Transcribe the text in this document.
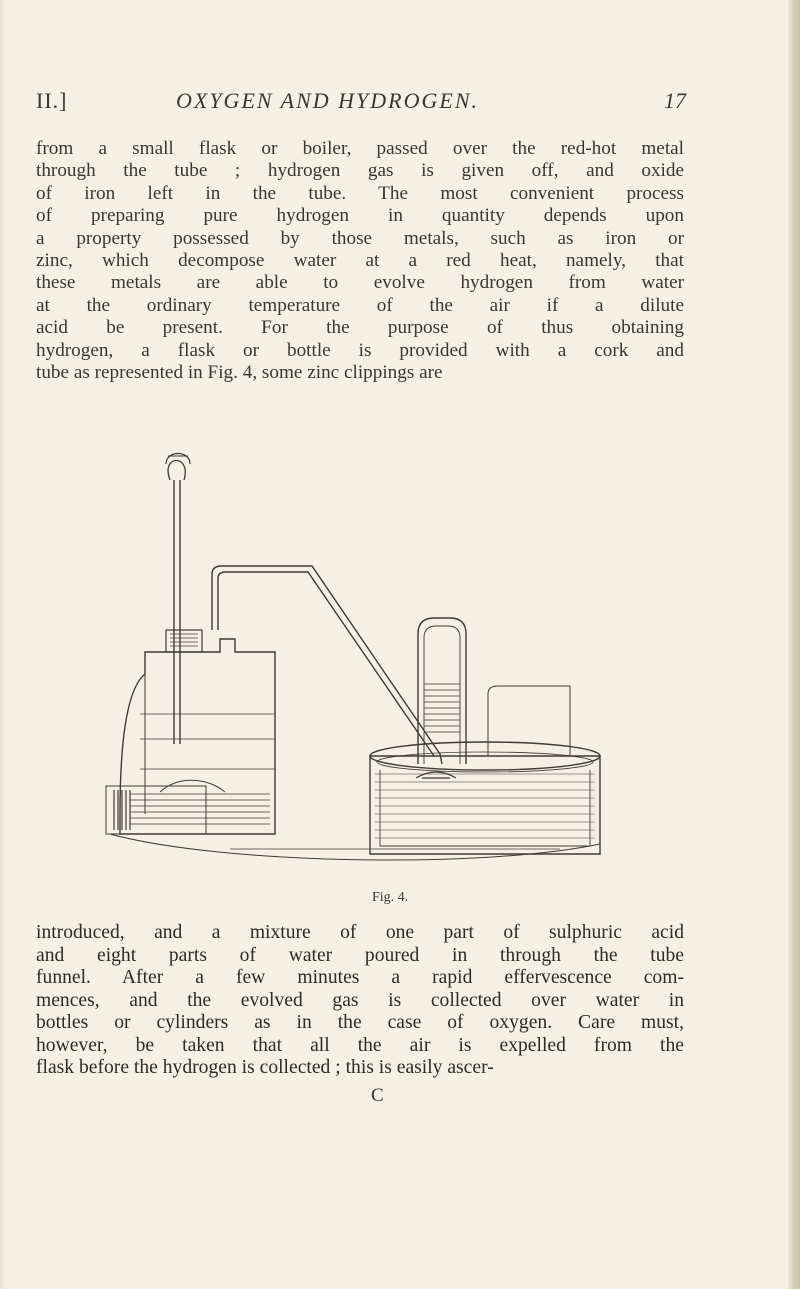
II.]	OXYGEN AND HYDROGEN.	17
from a small flask or boiler, passed over the red-hot metal
through the tube ; hydrogen gas is given off, and oxide
of iron left in the tube. The most convenient process
of preparing pure hydrogen in quantity depends upon
a property possessed by those metals, such as iron or
zinc, which decompose water at a red heat, namely, that
these metals are able to evolve hydrogen from water
at the ordinary temperature of the air if a dilute
acid be present. For the purpose of thus obtaining
hydrogen, a flask or bottle is provided with a cork and
tube as represented in Fig. 4, some zinc clippings are
Fig. 4.
introduced, and a mixture of one part of sulphuric acid
and eight parts of water poured in through the tube
funnel. After a few minutes a rapid effervescence com-
mences, and the evolved gas is collected over water in
bottles or cylinders as in the case of oxygen. Care must,
however, be taken that all the air is expelled from the
flask before the hydrogen is collected ; this is easily ascer-
C
